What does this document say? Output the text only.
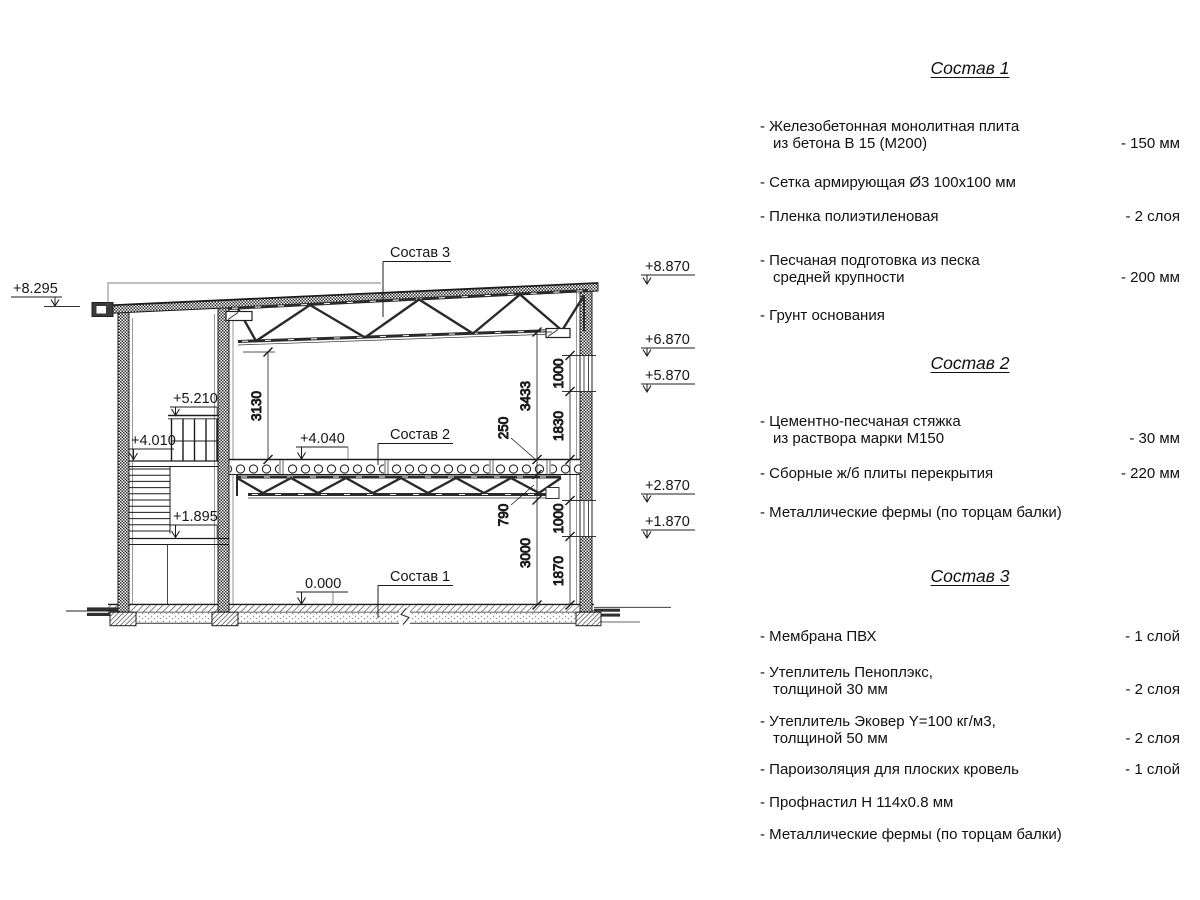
+8.295
+8.870
+6.870
+5.870
+2.870
+1.870
+5.210
+4.010
+1.895
+4.040
0.000
3130	3433
3000
250
790
1000
1830
1000
1870
Состав 3
Состав 2
Состав 1
Состав 1
- Железобетонная монолитная плита
из бетона В 15 (М200)	- 150 мм
- Сетка армирующая Ø3 100х100 мм
- Пленка полиэтиленовая	- 2 слоя
- Песчаная подготовка из песка
средней крупности	- 200 мм
- Грунт основания
Состав 2
- Цементно-песчаная стяжка
из раствора марки М150	- 30 мм
- Сборные ж/б плиты перекрытия	- 220 мм
- Металлические фермы (по торцам балки)
Состав 3
- Мембрана ПВХ	- 1 слой
- Утеплитель Пеноплэкс,
толщиной 30 мм	- 2 слоя
- Утеплитель Эковер Y=100 кг/м3,
толщиной 50 мм	- 2 слоя
- Пароизоляция для плоских кровель	- 1 слой
- Профнастил Н 114х0.8 мм
- Металлические фермы (по торцам балки)
